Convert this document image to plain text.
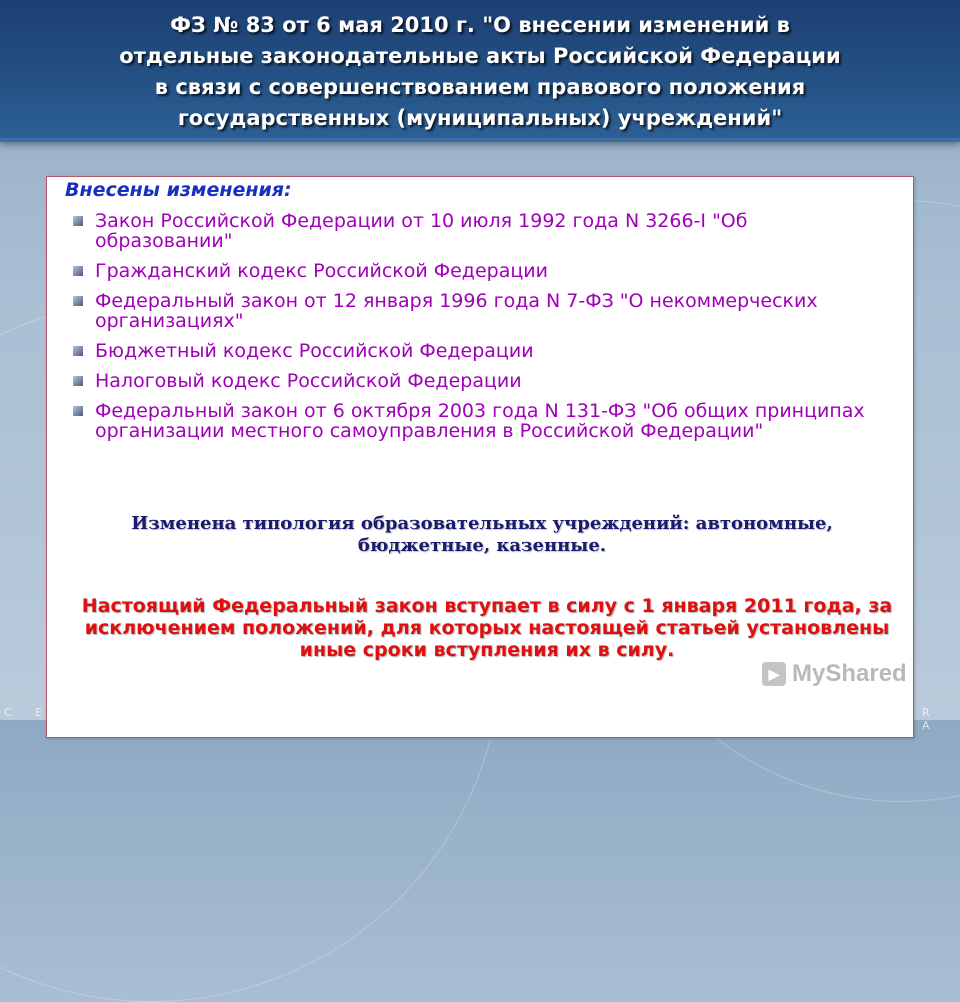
ФЗ № 83 от 6 мая 2010 г. "О внесении изменений в
отдельные законодательные акты Российской Федерации
в связи с совершенствованием правового положения
государственных (муниципальных) учреждений"
Внесены изменения:
Закон Российской Федерации от 10 июля 1992 года N 3266-I "Об образовании"
Гражданский кодекс Российской Федерации
Федеральный закон от 12 января 1996 года N 7-ФЗ "О некоммерческих организациях"
Бюджетный кодекс Российской Федерации
Налоговый кодекс Российской Федерации
Федеральный закон от 6 октября 2003 года N 131-ФЗ "Об общих принципах организации местного самоуправления в Российской Федерации"
Изменена типология образовательных учреждений: автономные, бюджетные, казенные.
Настоящий Федеральный закон вступает в силу с 1 января 2011 года, за исключением положений, для которых настоящей статьей установлены иные сроки вступления их в силу.
▶ MyShared
C E N	R A
